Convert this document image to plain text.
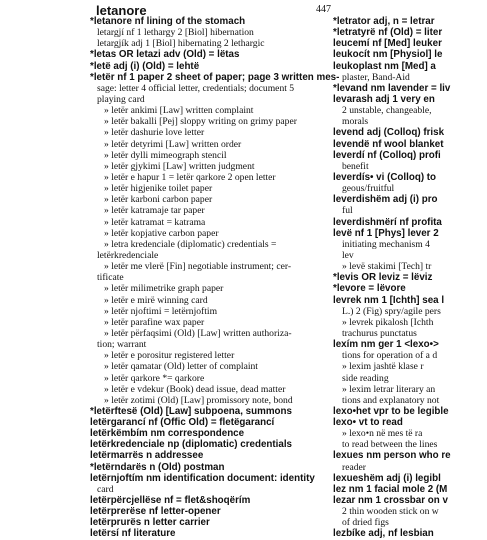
letanore	447
*letanore nf lining of the stomach
letargjí nf 1 lethargy 2 [Biol] hibernation
letargjík adj 1 [Biol] hibernating 2 lethargic
*letas OR letazi adv (Old) = lëtas
*letë adj (i) (Old) = lehtë
*letër nf 1 paper 2 sheet of paper; page 3 written mes-
sage: letter 4 official letter, credentials; document 5
playing card
» letër ankimi [Law] written complaint
» letër bakalli [Pej] sloppy writing on grimy paper
» letër dashurie love letter
» letër detyrimi [Law] written order
» letër dylli mimeograph stencil
» letër gjykimi [Law] written judgment
» letër e hapur 1 = letër qarkore 2 open letter
» letër higjenike toilet paper
» letër karboni carbon paper
» letër katramaje tar paper
» letër katramat = katrama
» letër kopjative carbon paper
» letra kredenciale (diplomatic) credentials =
letërkredenciale
» letër me vlerë [Fin] negotiable instrument; cer-
tificate
» letër milimetrike graph paper
» letër e mirë winning card
» letër njoftimi = letërnjoftim
» letër parafine wax paper
» letër përfaqsimi (Old) [Law] written authoriza-
tion; warrant
» letër e porositur registered letter
» letër qamatar (Old) letter of complaint
» letër qarkore *= qarkore
» letër e vdekur (Book) dead issue, dead matter
» letër zotimi (Old) [Law] promissory note, bond
*letërftesë (Old) [Law] subpoena, summons
letërgarancí nf (Offic Old) = fletëgarancí
letërkëmbím nm correspondence
letërkredenciale np (diplomatic) credentials
letërmarrës n addressee
*letërndarës n (Old) postman
letërnjoftím nm identification document: identity
card
letërpërcjellëse nf = flet&shoqërím
letërprerëse nf letter-opener
letërprurës n letter carrier
letërsí nf literature
*letrator adj, n = letrar
*letratyrë nf (Old) = liter
leucemí nf [Med] leuker
leukocít nm [Physiol] le
leukoplast nm [Med] a
plaster, Band-Aid
*levand nm lavender = liv
levarash adj 1 very en
2 unstable, changeable,
morals
levend adj (Colloq) frisk
levendë nf wool blanket
leverdí nf (Colloq) profi
benefit
leverdís• vi (Colloq) to
geous/fruitful
leverdishëm adj (i) pro
ful
leverdishmërí nf profita
levë nf 1 [Phys] lever 2
initiating mechanism 4
lev
» levë stakimi [Tech] tr
*levis OR leviz = lëviz
*levore = lëvore
levrek nm 1 [Ichth] sea l
L.) 2 (Fig) spry/agile pers
» levrek pikalosh [Ichth
trachurus punctatus
lexím nm ger 1 <lexo•>
tions for operation of a d
» lexim jashtë klase r
side reading
» lexim letrar literary an
tions and explanatory not
lexo•het vpr to be legible
lexo• vt to read
» lexo•n në mes të ra
to read between the lines
lexues nm person who re
reader
lexueshëm adj (i) legibl
lez nm 1 facial mole 2 (M
lezar nm 1 crossbar on v
2 thin wooden stick on w
of dried figs
lezbíke adj, nf lesbian
